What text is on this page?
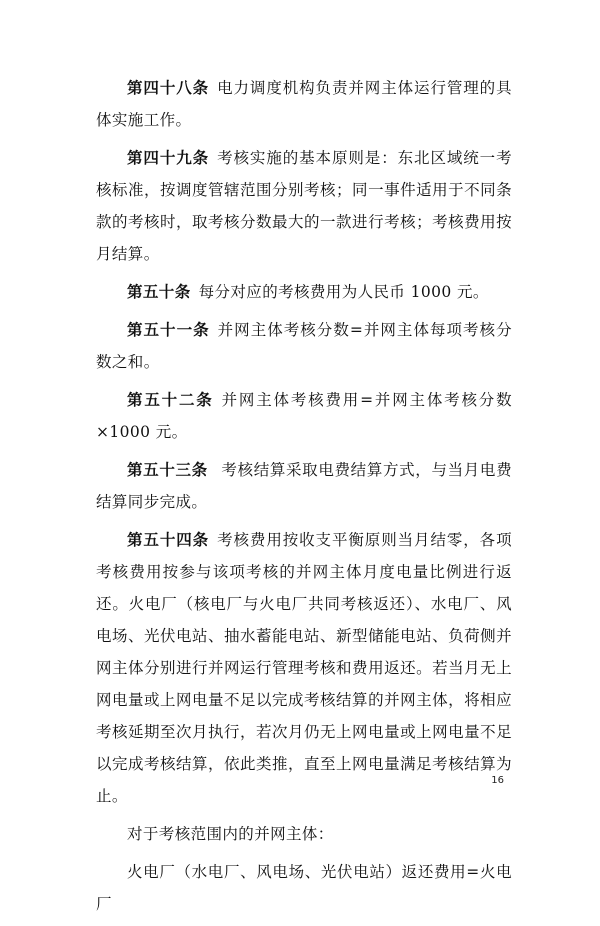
第四十八条 电力调度机构负责并网主体运行管理的具体实施工作。

第四十九条 考核实施的基本原则是：东北区域统一考核标准，按调度管辖范围分别考核；同一事件适用于不同条款的考核时，取考核分数最大的一款进行考核；考核费用按月结算。

第五十条 每分对应的考核费用为人民币 1000 元。

第五十一条 并网主体考核分数=并网主体每项考核分数之和。

第五十二条 并网主体考核费用=并网主体考核分数×1000 元。

第五十三条 考核结算采取电费结算方式，与当月电费结算同步完成。

第五十四条 考核费用按收支平衡原则当月结零，各项考核费用按参与该项考核的并网主体月度电量比例进行返还。火电厂（核电厂与火电厂共同考核返还）、水电厂、风电场、光伏电站、抽水蓄能电站、新型储能电站、负荷侧并网主体分别进行并网运行管理考核和费用返还。若当月无上网电量或上网电量不足以完成考核结算的并网主体，将相应考核延期至次月执行，若次月仍无上网电量或上网电量不足以完成考核结算，依此类推，直至上网电量满足考核结算为止。

对于考核范围内的并网主体：

火电厂（水电厂、风电场、光伏电站）返还费用=火电厂

16
